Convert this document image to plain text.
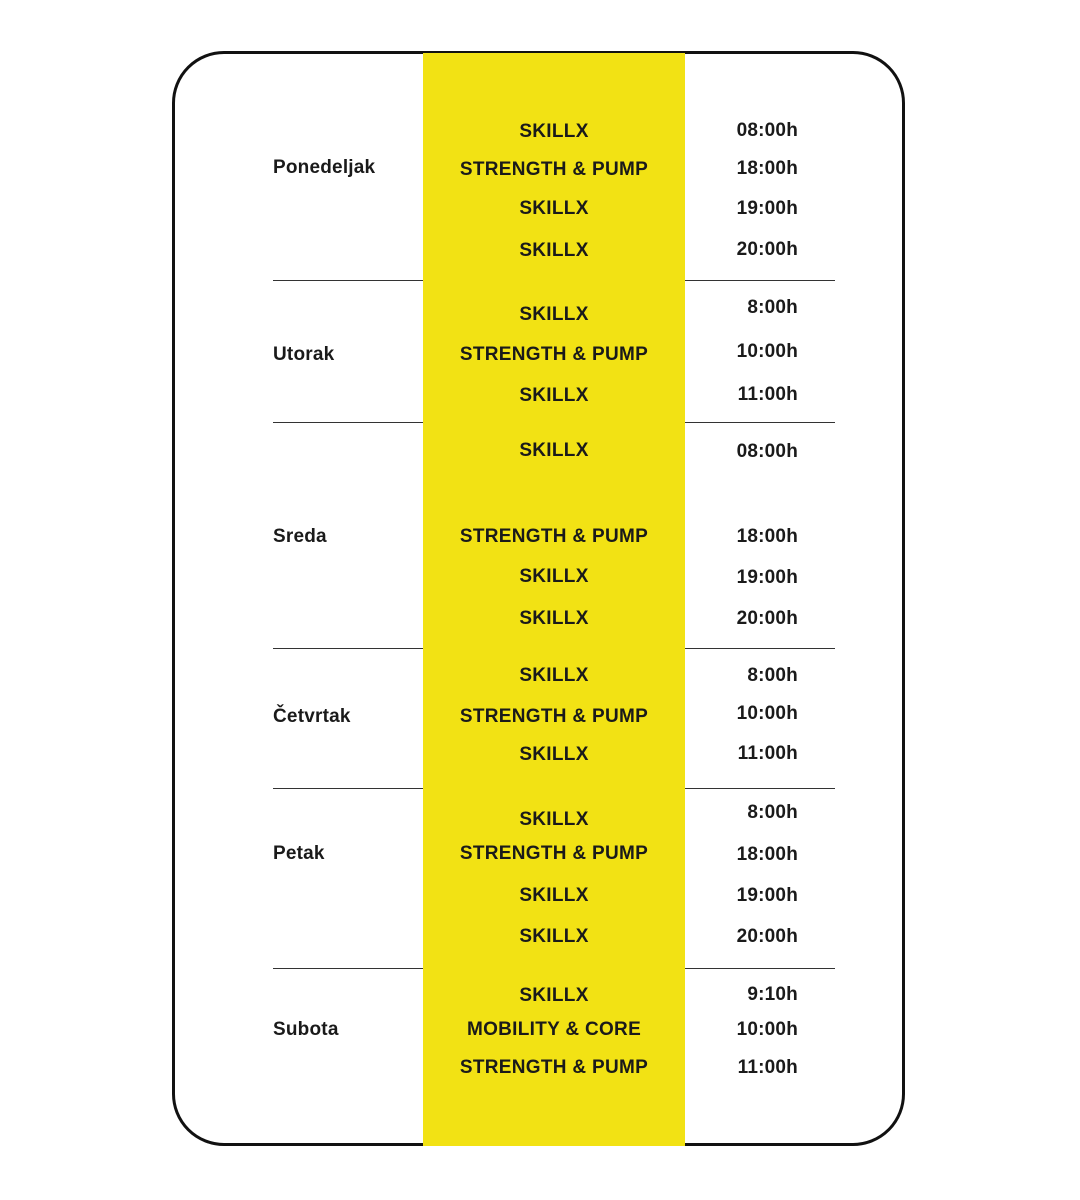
Ponedeljak
SKILLX	08:00h
STRENGTH & PUMP	18:00h
SKILLX	19:00h
SKILLX	20:00h
Utorak
SKILLX	8:00h
STRENGTH & PUMP	10:00h
SKILLX	11:00h
Sreda
SKILLX	08:00h
STRENGTH & PUMP	18:00h
SKILLX	19:00h
SKILLX	20:00h
Četvrtak
SKILLX	8:00h
STRENGTH & PUMP	10:00h
SKILLX	11:00h
Petak
SKILLX	8:00h
STRENGTH & PUMP	18:00h
SKILLX	19:00h
SKILLX	20:00h
Subota
SKILLX	9:10h
MOBILITY & CORE	10:00h
STRENGTH & PUMP	11:00h
